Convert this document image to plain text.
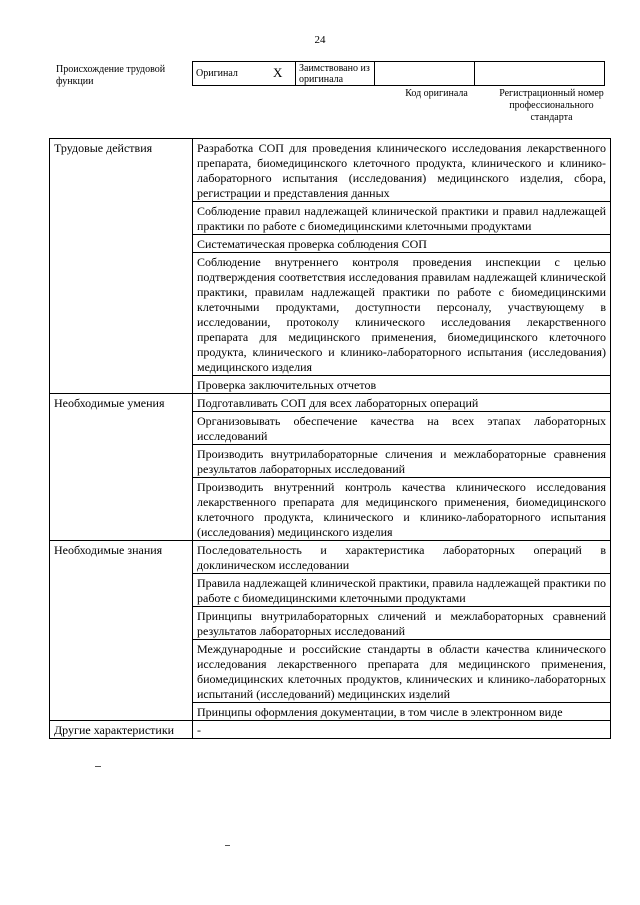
24
Происхождение трудовой функции
Оригинал	X	Заимствовано из оригинала		
Код оригинала	Регистрационный номер профессионального стандарта
Трудовые действия	Разработка СОП для проведения клинического исследования лекарственного препарата, биомедицинского клеточного продукта, клинического и клинико-лабораторного испытания (исследования) медицинского изделия, сбора, регистрации и представления данных
	Соблюдение правил надлежащей клинической практики и правил надлежащей практики по работе с биомедицинскими клеточными продуктами
	Систематическая проверка соблюдения СОП
	Соблюдение внутреннего контроля проведения инспекции с целью подтверждения соответствия исследования правилам надлежащей клинической практики, правилам надлежащей практики по работе с биомедицинскими клеточными продуктами, доступности персоналу, участвующему в исследовании, протоколу клинического исследования лекарственного препарата для медицинского применения, биомедицинского клеточного продукта, клинического и клинико-лабораторного испытания (исследования) медицинского изделия
	Проверка заключительных отчетов
Необходимые умения	Подготавливать СОП для всех лабораторных операций
	Организовывать обеспечение качества на всех этапах лабораторных исследований
	Производить внутрилабораторные сличения и межлабораторные сравнения результатов лабораторных исследований
	Производить внутренний контроль качества клинического исследования лекарственного препарата для медицинского применения, биомедицинского клеточного продукта, клинического и клинико-лабораторного испытания (исследования) медицинского изделия
Необходимые знания	Последовательность и характеристика лабораторных операций в доклиническом исследовании
	Правила надлежащей клинической практики, правила надлежащей практики по работе с биомедицинскими клеточными продуктами
	Принципы внутрилабораторных сличений и межлабораторных сравнений результатов лабораторных исследований
	Международные и российские стандарты в области качества клинического исследования лекарственного препарата для медицинского применения, биомедицинских клеточных продуктов, клинических и клинико-лабораторных испытаний (исследований) медицинских изделий
	Принципы оформления документации, в том числе в электронном виде
Другие характеристики	-
